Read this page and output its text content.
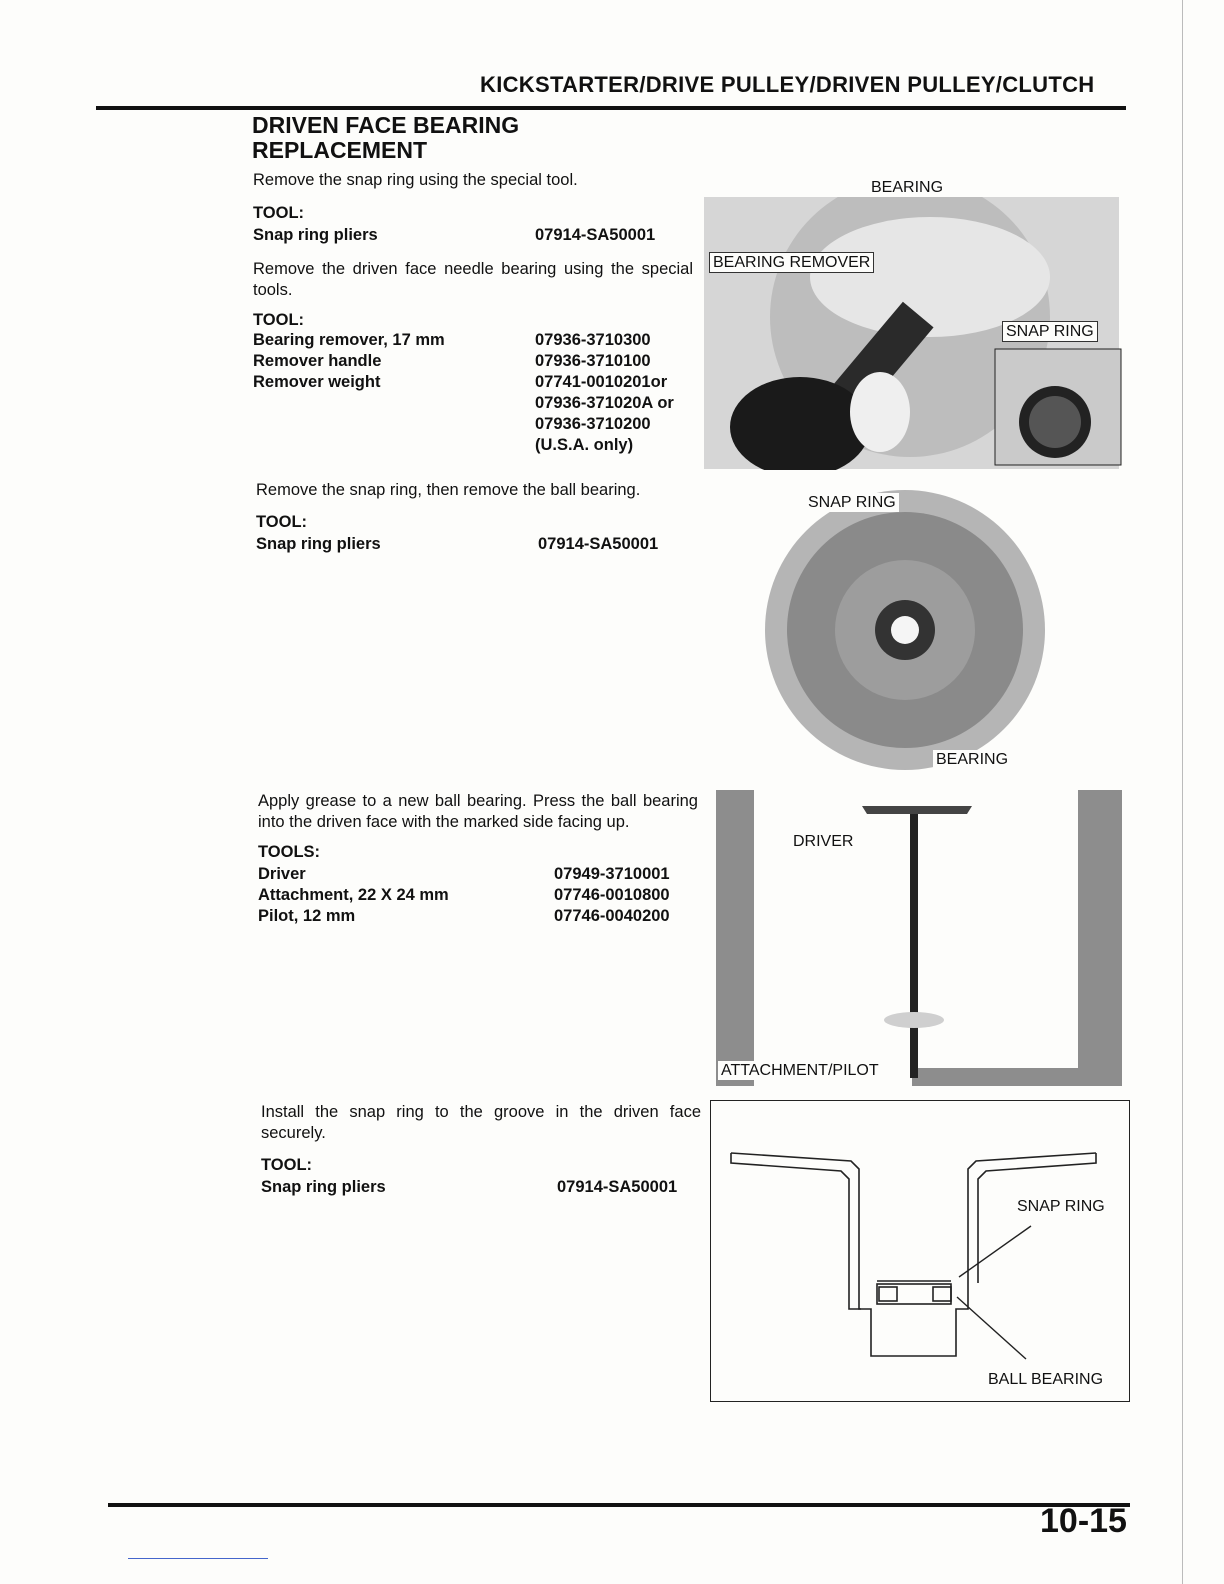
KICKSTARTER/DRIVE PULLEY/DRIVEN PULLEY/CLUTCH
DRIVEN FACE BEARING REPLACEMENT
Remove the snap ring using the special tool.
TOOL:
Snap ring pliers	07914-SA50001
Remove the driven face needle bearing using the special tools.
TOOL:
Bearing remover, 17 mm	07936-3710300
Remover handle	07936-3710100
Remover weight	07741-0010201or
07936-371020A or
07936-3710200
(U.S.A. only)
Remove the snap ring, then remove the ball bearing.
TOOL:
Snap ring pliers	07914-SA50001
Apply grease to a new ball bearing. Press the ball bearing into the driven face with the marked side facing up.
TOOLS:
Driver	07949-3710001
Attachment, 22 X 24 mm	07746-0010800
Pilot, 12 mm	07746-0040200
Install the snap ring to the groove in the driven face securely.
TOOL:
Snap ring pliers	07914-SA50001
BEARING
BEARING REMOVER
SNAP RING
SNAP RING
BEARING
DRIVER
ATTACHMENT/PILOT
SNAP RING
BALL BEARING
10-15
